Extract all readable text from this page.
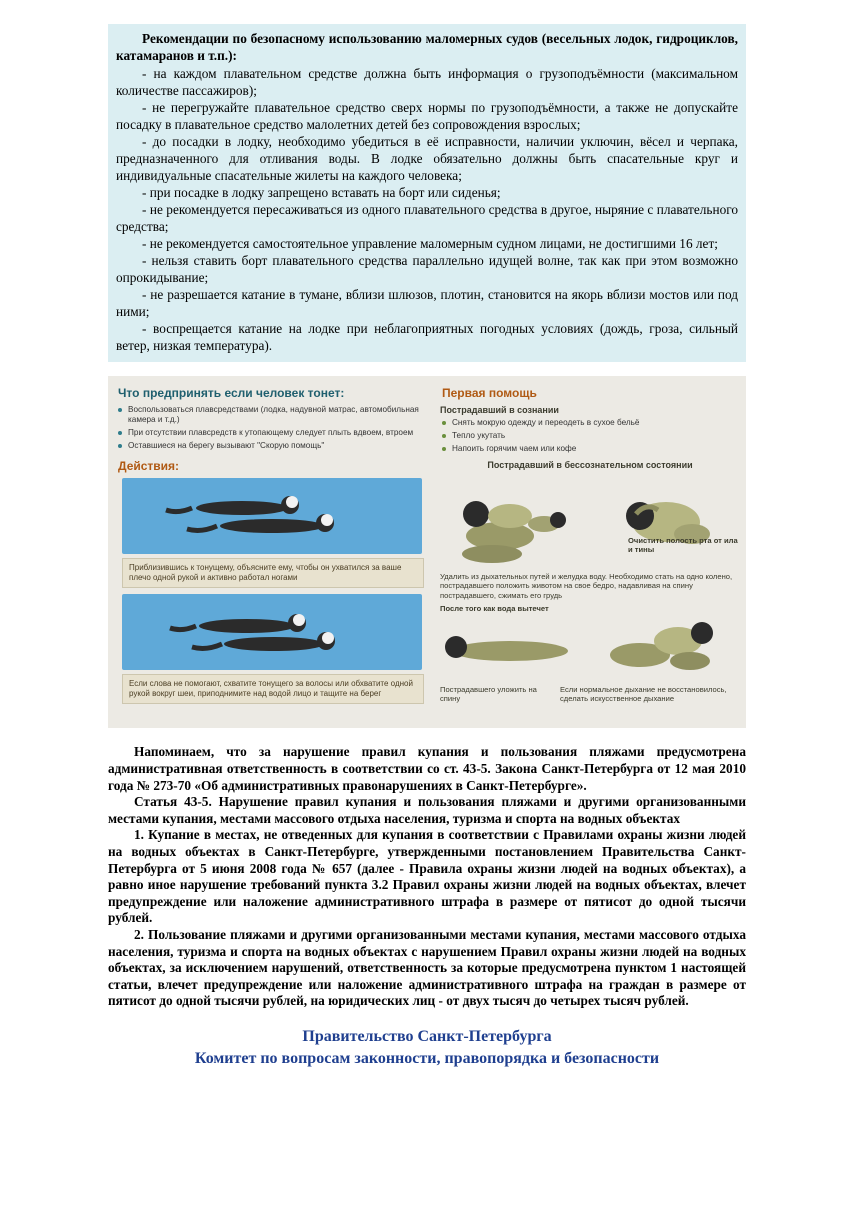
Рекомендации по безопасному использованию маломерных судов (весельных лодок, гидроциклов, катамаранов и т.п.):

- на каждом плавательном средстве должна быть информация о грузоподъёмности (максимальном количестве пассажиров);

- не перегружайте плавательное средство сверх нормы по грузоподъёмности, а также не допускайте посадку в плавательное средство малолетних детей без сопровождения взрослых;

- до посадки в лодку, необходимо убедиться в её исправности, наличии уключин, вёсел и черпака, предназначенного для отливания воды. В лодке обязательно должны быть спасательные круг и индивидуальные спасательные жилеты на каждого человека;

- при посадке в лодку запрещено вставать на борт или сиденья;

- не рекомендуется пересаживаться из одного плавательного средства в другое, ныряние с плавательного средства;

- не рекомендуется самостоятельное управление маломерным судном лицами, не достигшими 16 лет;

- нельзя ставить борт плавательного средства параллельно идущей волне, так как при этом возможно опрокидывание;

- не разрешается катание в тумане, вблизи шлюзов, плотин, становится на якорь вблизи мостов или под ними;

- воспрещается катание на лодке при неблагоприятных погодных условиях (дождь, гроза, сильный ветер, низкая температура).

Что предпринять если человек тонет:
Воспользоваться плавсредствами (лодка, надувной матрас, автомобильная камера и т.д.)
При отсутствии плавсредств к утопающему следует плыть вдвоем, втроем
Оставшиеся на берегу вызывают "Скорую помощь"
Действия:
Приблизившись к тонущему, объясните ему, чтобы он ухватился за вашe плечо одной рукой и активно работал ногами
Если слова не помогают, схватите тонущего за волосы или обхватите одной рукой вокруг шеи, приподнимите над водой лицо и тащите на берег
Первая помощь
Пострадавший в сознании
Снять мокрую одежду и переодеть в сухое бельё
Тепло укутать
Напоить горячим чаем или кофе
Пострадавший в бессознательном состоянии
Очистить полость рта от ила и тины
Удалить из дыхательных путей и желудка воду. Необходимо стать на одно колено, пострадавшего положить животом на свое бедро, надавливая на спину пострадавшего, сжимать его грудь
После того как вода вытечет
Пострадавшего уложить на спину
Если нормальное дыхание не восстановилось, сделать искусственное дыхание

Напоминаем, что за нарушение правил купания и пользования пляжами предусмотрена административная ответственность в соответствии со ст. 43-5. Закона Санкт-Петербурга от 12 мая 2010 года № 273-70 «Об административных правонарушениях в Санкт-Петербурге».

Статья 43-5. Нарушение правил купания и пользования пляжами и другими организованными местами купания, местами массового отдыха населения, туризма и спорта на водных объектах

1. Купание в местах, не отведенных для купания в соответствии с Правилами охраны жизни людей на водных объектах в Санкт-Петербурге, утвержденными постановлением Правительства Санкт-Петербурга от 5 июня 2008 года № 657 (далее - Правила охраны жизни людей на водных объектах), а равно иное нарушение требований пункта 3.2 Правил охраны жизни людей на водных объектах, влечет предупреждение или наложение административного штрафа в размере от пятисот до одной тысячи рублей.

2. Пользование пляжами и другими организованными местами купания, местами массового отдыха населения, туризма и спорта на водных объектах с нарушением Правил охраны жизни людей на водных объектах, за исключением нарушений, ответственность за которые предусмотрена пунктом 1 настоящей статьи, влечет предупреждение или наложение административного штрафа на граждан в размере от пятисот до одной тысячи рублей, на юридических лиц - от двух тысяч до четырех тысяч рублей.

Правительство Санкт-Петербурга
Комитет по вопросам законности, правопорядка и безопасности
